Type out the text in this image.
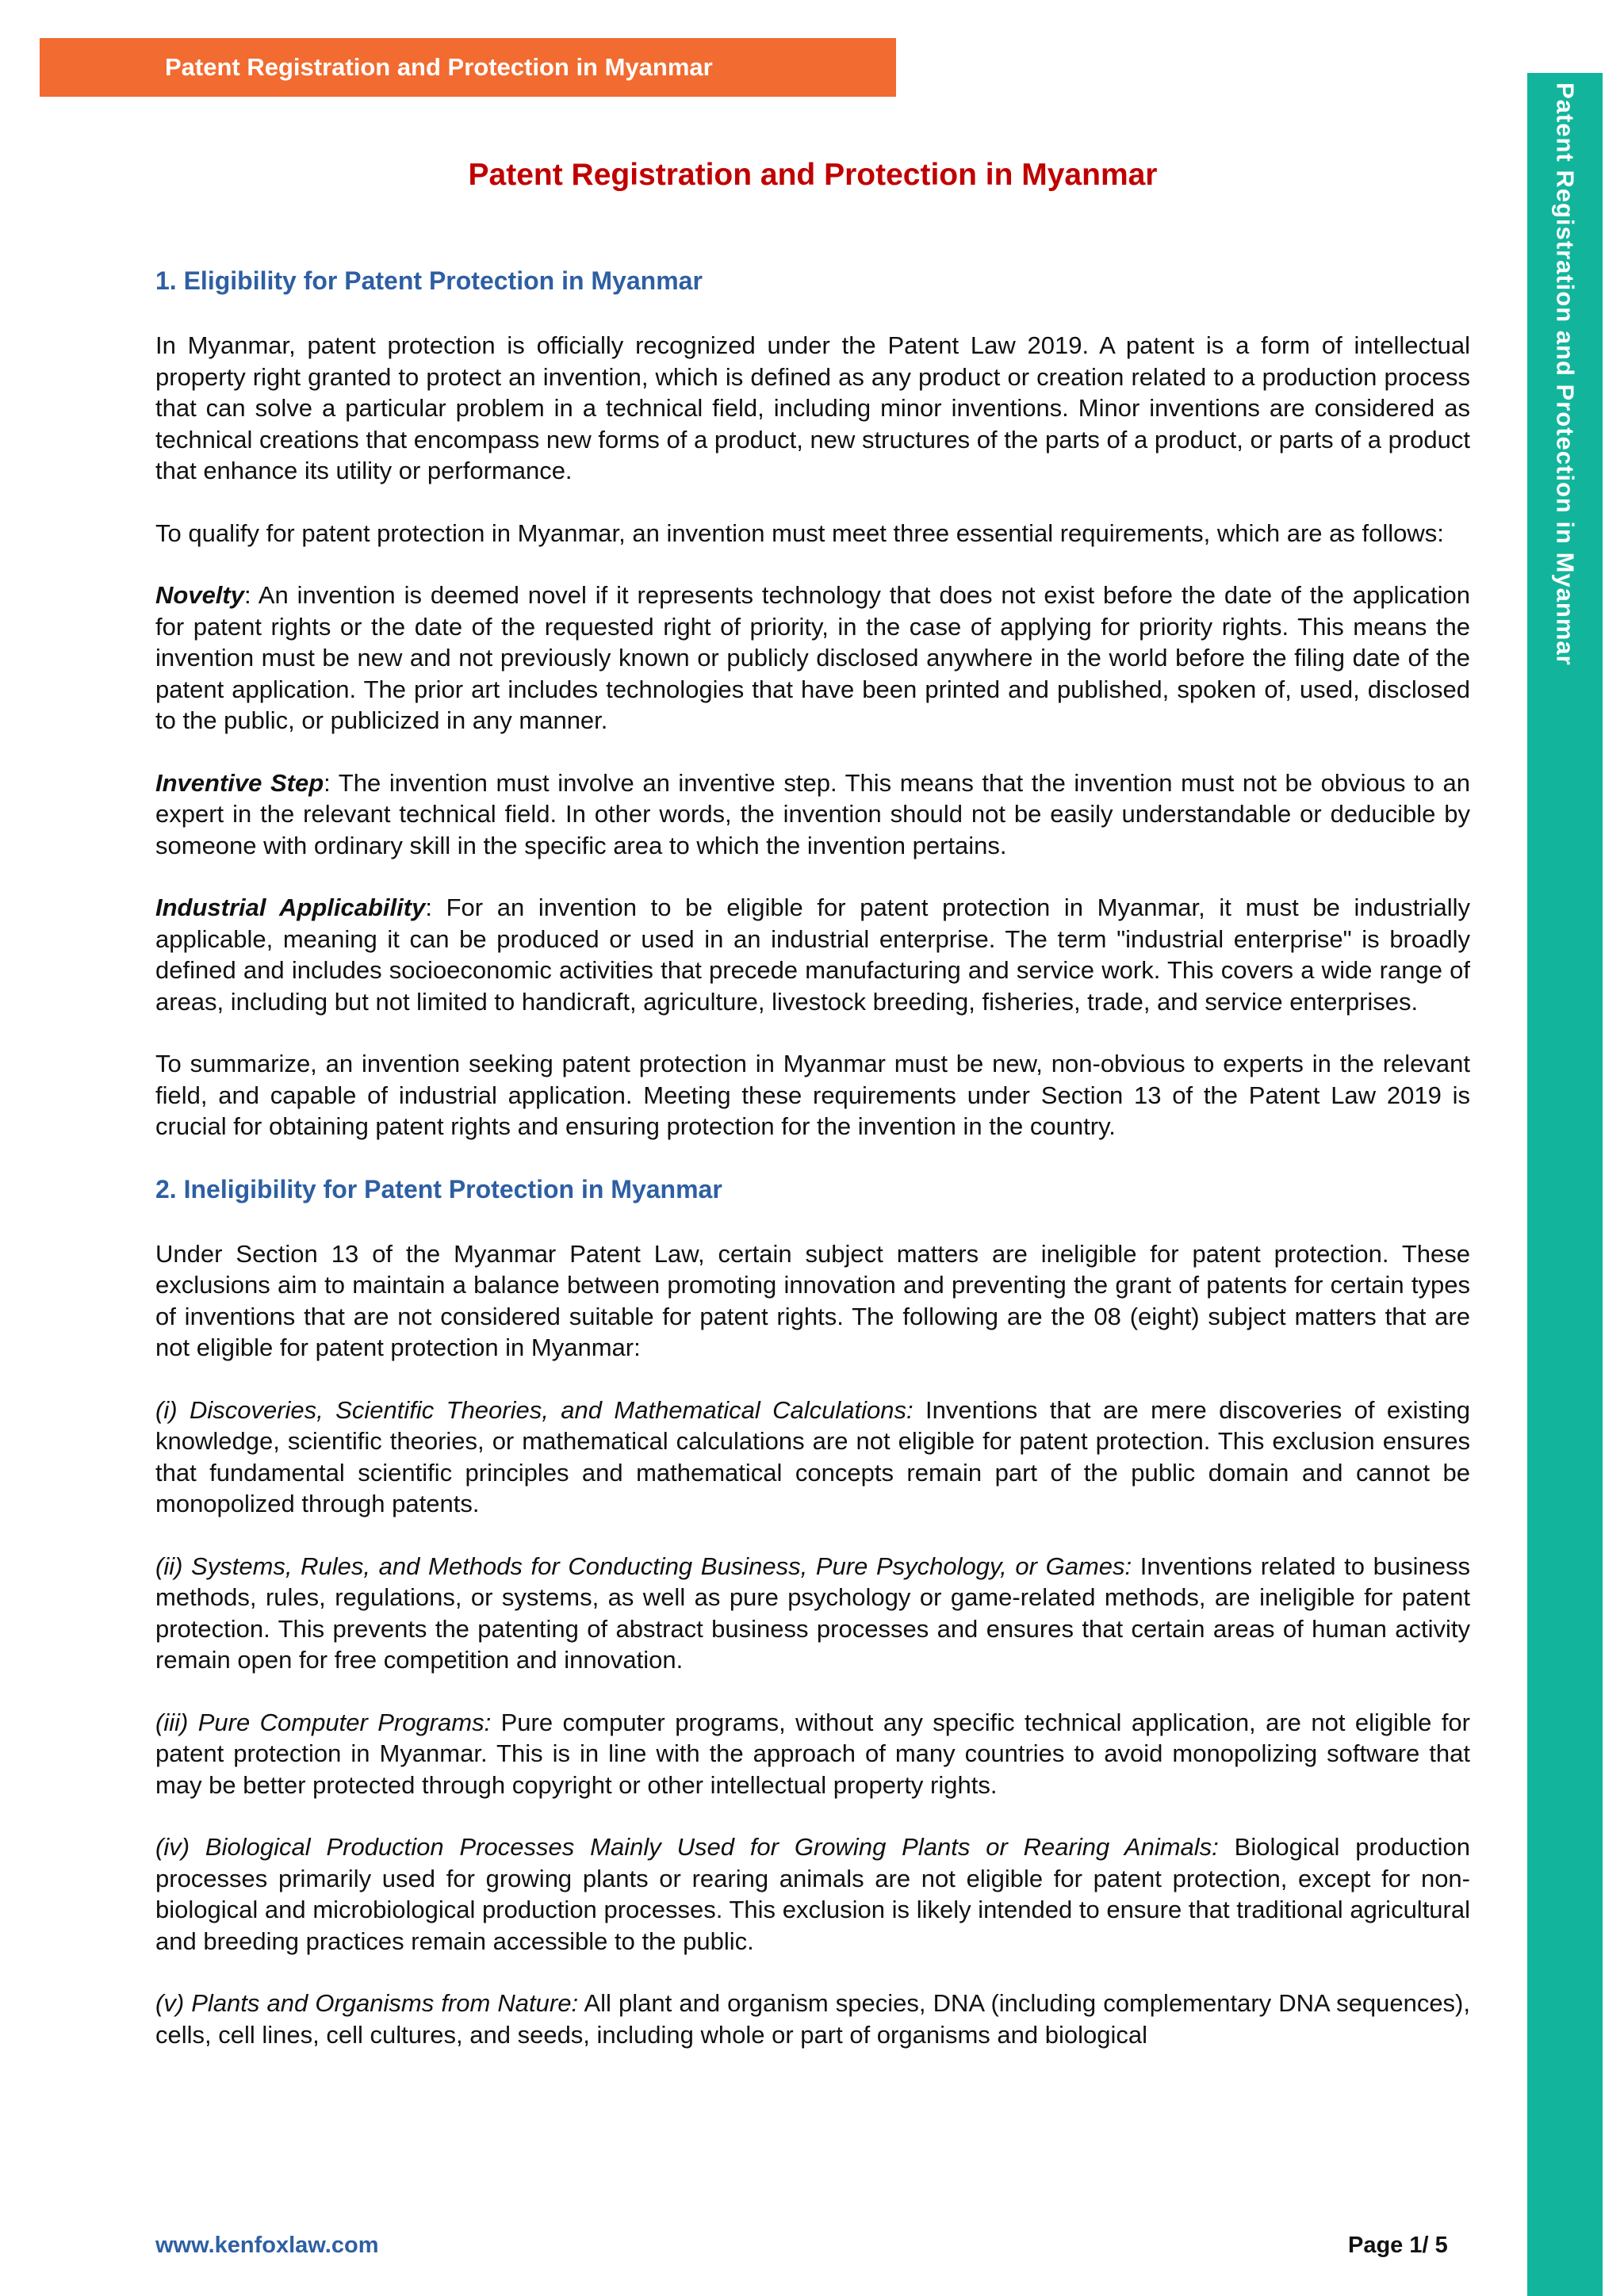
Patent Registration and Protection in Myanmar
Patent Registration and Protection in Myanmar
Patent Registration and Protection in Myanmar
1. Eligibility for Patent Protection in Myanmar

In Myanmar, patent protection is officially recognized under the Patent Law 2019. A patent is a form of intellectual property right granted to protect an invention, which is defined as any product or creation related to a production process that can solve a particular problem in a technical field, including minor inventions. Minor inventions are considered as technical creations that encompass new forms of a product, new structures of the parts of a product, or parts of a product that enhance its utility or performance.

To qualify for patent protection in Myanmar, an invention must meet three essential requirements, which are as follows:

Novelty: An invention is deemed novel if it represents technology that does not exist before the date of the application for patent rights or the date of the requested right of priority, in the case of applying for priority rights. This means the invention must be new and not previously known or publicly disclosed anywhere in the world before the filing date of the patent application. The prior art includes technologies that have been printed and published, spoken of, used, disclosed to the public, or publicized in any manner.

Inventive Step: The invention must involve an inventive step. This means that the invention must not be obvious to an expert in the relevant technical field. In other words, the invention should not be easily understandable or deducible by someone with ordinary skill in the specific area to which the invention pertains.

Industrial Applicability: For an invention to be eligible for patent protection in Myanmar, it must be industrially applicable, meaning it can be produced or used in an industrial enterprise. The term "industrial enterprise" is broadly defined and includes socioeconomic activities that precede manufacturing and service work. This covers a wide range of areas, including but not limited to handicraft, agriculture, livestock breeding, fisheries, trade, and service enterprises.

To summarize, an invention seeking patent protection in Myanmar must be new, non-obvious to experts in the relevant field, and capable of industrial application. Meeting these requirements under Section 13 of the Patent Law 2019 is crucial for obtaining patent rights and ensuring protection for the invention in the country.

2. Ineligibility for Patent Protection in Myanmar

Under Section 13 of the Myanmar Patent Law, certain subject matters are ineligible for patent protection. These exclusions aim to maintain a balance between promoting innovation and preventing the grant of patents for certain types of inventions that are not considered suitable for patent rights. The following are the 08 (eight) subject matters that are not eligible for patent protection in Myanmar:

(i) Discoveries, Scientific Theories, and Mathematical Calculations: Inventions that are mere discoveries of existing knowledge, scientific theories, or mathematical calculations are not eligible for patent protection. This exclusion ensures that fundamental scientific principles and mathematical concepts remain part of the public domain and cannot be monopolized through patents.

(ii) Systems, Rules, and Methods for Conducting Business, Pure Psychology, or Games: Inventions related to business methods, rules, regulations, or systems, as well as pure psychology or game-related methods, are ineligible for patent protection. This prevents the patenting of abstract business processes and ensures that certain areas of human activity remain open for free competition and innovation.

(iii) Pure Computer Programs: Pure computer programs, without any specific technical application, are not eligible for patent protection in Myanmar. This is in line with the approach of many countries to avoid monopolizing software that may be better protected through copyright or other intellectual property rights.

(iv) Biological Production Processes Mainly Used for Growing Plants or Rearing Animals: Biological production processes primarily used for growing plants or rearing animals are not eligible for patent protection, except for non-biological and microbiological production processes. This exclusion is likely intended to ensure that traditional agricultural and breeding practices remain accessible to the public.

(v) Plants and Organisms from Nature: All plant and organism species, DNA (including complementary DNA sequences), cells, cell lines, cell cultures, and seeds, including whole or part of organisms and biological

www.kenfoxlaw.com	Page 1/ 5
